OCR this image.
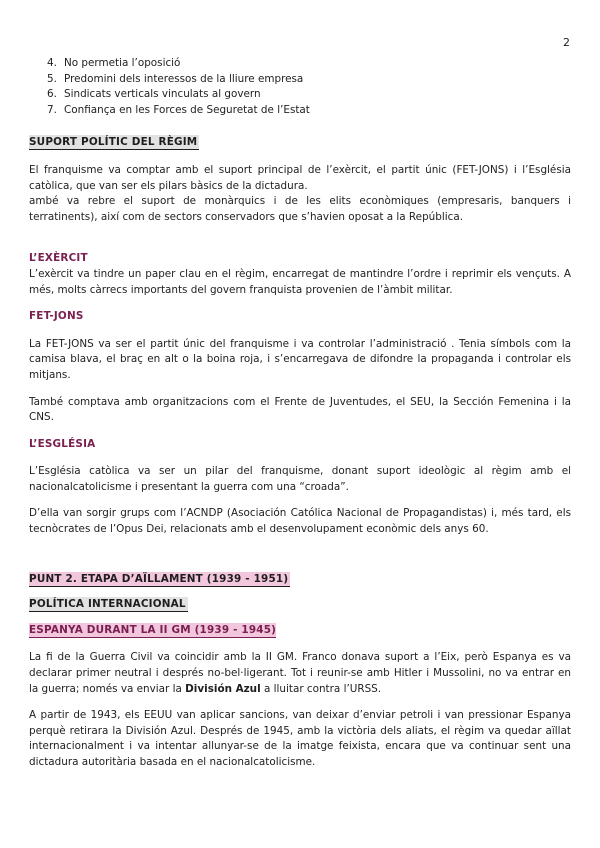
2
4. No permetia l’oposició
5. Predomini dels interessos de la lliure empresa
6. Sindicats verticals vinculats al govern
7. Confiança en les Forces de Seguretat de l’Estat
SUPORT POLÍTIC DEL RÈGIM

El franquisme va comptar amb el suport principal de l’exèrcit, el partit únic (FET-JONS) i l’Església catòlica, que van ser els pilars bàsics de la dictadura.

ambé va rebre el suport de monàrquics i de les elits econòmiques (empresaris, banquers i terratinents), així com de sectors conservadors que s’havien oposat a la República.

L’EXÈRCIT

L’exèrcit va tindre un paper clau en el règim, encarregat de mantindre l’ordre i reprimir els vençuts. A més, molts càrrecs importants del govern franquista provenien de l’àmbit militar.

FET-JONS

La FET-JONS va ser el partit únic del franquisme i va controlar l’administració . Tenia símbols com la camisa blava, el braç en alt o la boina roja, i s’encarregava de difondre la propaganda i controlar els mitjans.

També comptava amb organitzacions com el Frente de Juventudes, el SEU, la Sección Femenina i la CNS.

L’ESGLÉSIA

L’Església catòlica va ser un pilar del franquisme, donant suport ideològic al règim amb el nacionalcatolicisme i presentant la guerra com una “croada”.

D’ella van sorgir grups com l’ACNDP (Asociación Católica Nacional de Propagandistas) i, més tard, els tecnòcrates de l’Opus Dei, relacionats amb el desenvolupament econòmic dels anys 60.

PUNT 2. ETAPA D’AÏLLAMENT (1939 - 1951)
POLÍTICA INTERNACIONAL
ESPANYA DURANT LA II GM (1939 - 1945)

La fi de la Guerra Civil va coincidir amb la II GM. Franco donava suport a l’Eix, però Espanya es va declarar primer neutral i després no-bel·ligerant. Tot i reunir-se amb Hitler i Mussolini, no va entrar en la guerra; només va enviar la División Azul a lluitar contra l’URSS.

A partir de 1943, els EEUU van aplicar sancions, van deixar d’enviar petroli i van pressionar Espanya perquè retirara la División Azul. Després de 1945, amb la victòria dels aliats, el règim va quedar aïllat internacionalment i va intentar allunyar-se de la imatge feixista, encara que va continuar sent una dictadura autoritària basada en el nacionalcatolicisme.
